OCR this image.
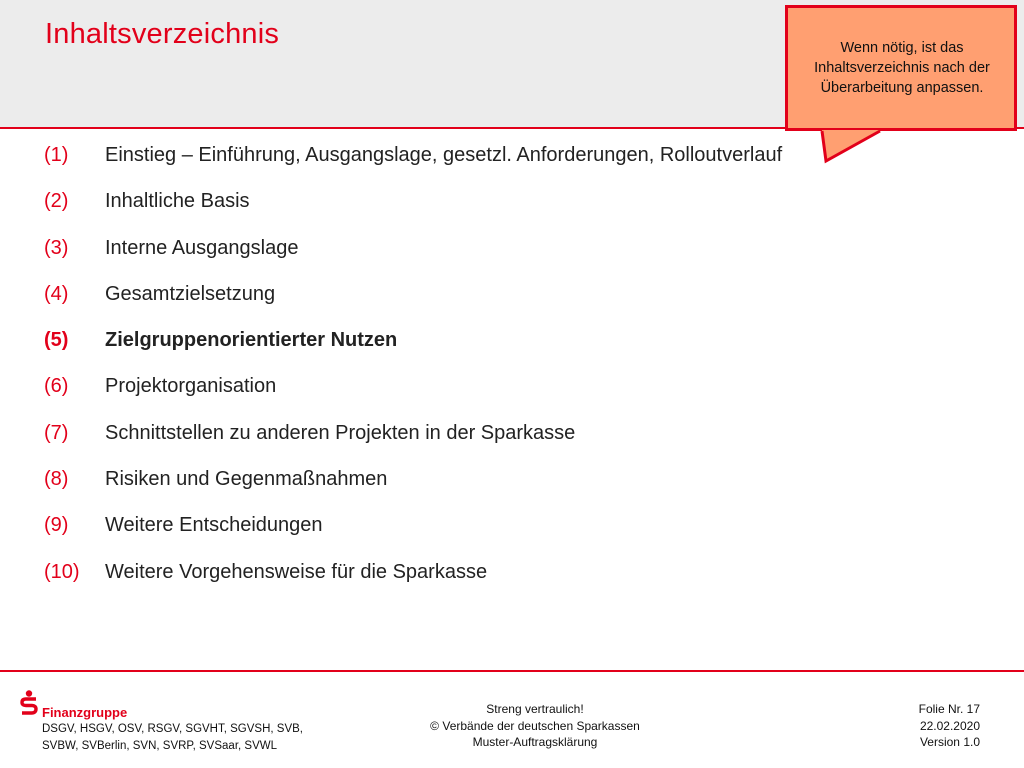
Inhaltsverzeichnis
(1)	Einstieg – Einführung, Ausgangslage, gesetzl. Anforderungen, Rolloutverlauf
(2)	Inhaltliche Basis
(3)	Interne Ausgangslage
(4)	Gesamtzielsetzung
(5)	Zielgruppenorientierter Nutzen
(6)	Projektorganisation
(7)	Schnittstellen zu anderen Projekten in der Sparkasse
(8)	Risiken und Gegenmaßnahmen
(9)	Weitere Entscheidungen
(10)	Weitere Vorgehensweise für die Sparkasse
Wenn nötig, ist das
Inhaltsverzeichnis nach der
Überarbeitung anpassen.
Finanzgruppe
DSGV, HSGV, OSV, RSGV, SGVHT, SGVSH, SVB,
SVBW, SVBerlin, SVN, SVRP, SVSaar, SVWL
Streng vertraulich!
© Verbände der deutschen Sparkassen
Muster-Auftragsklärung
Folie Nr. 17
22.02.2020
Version 1.0
